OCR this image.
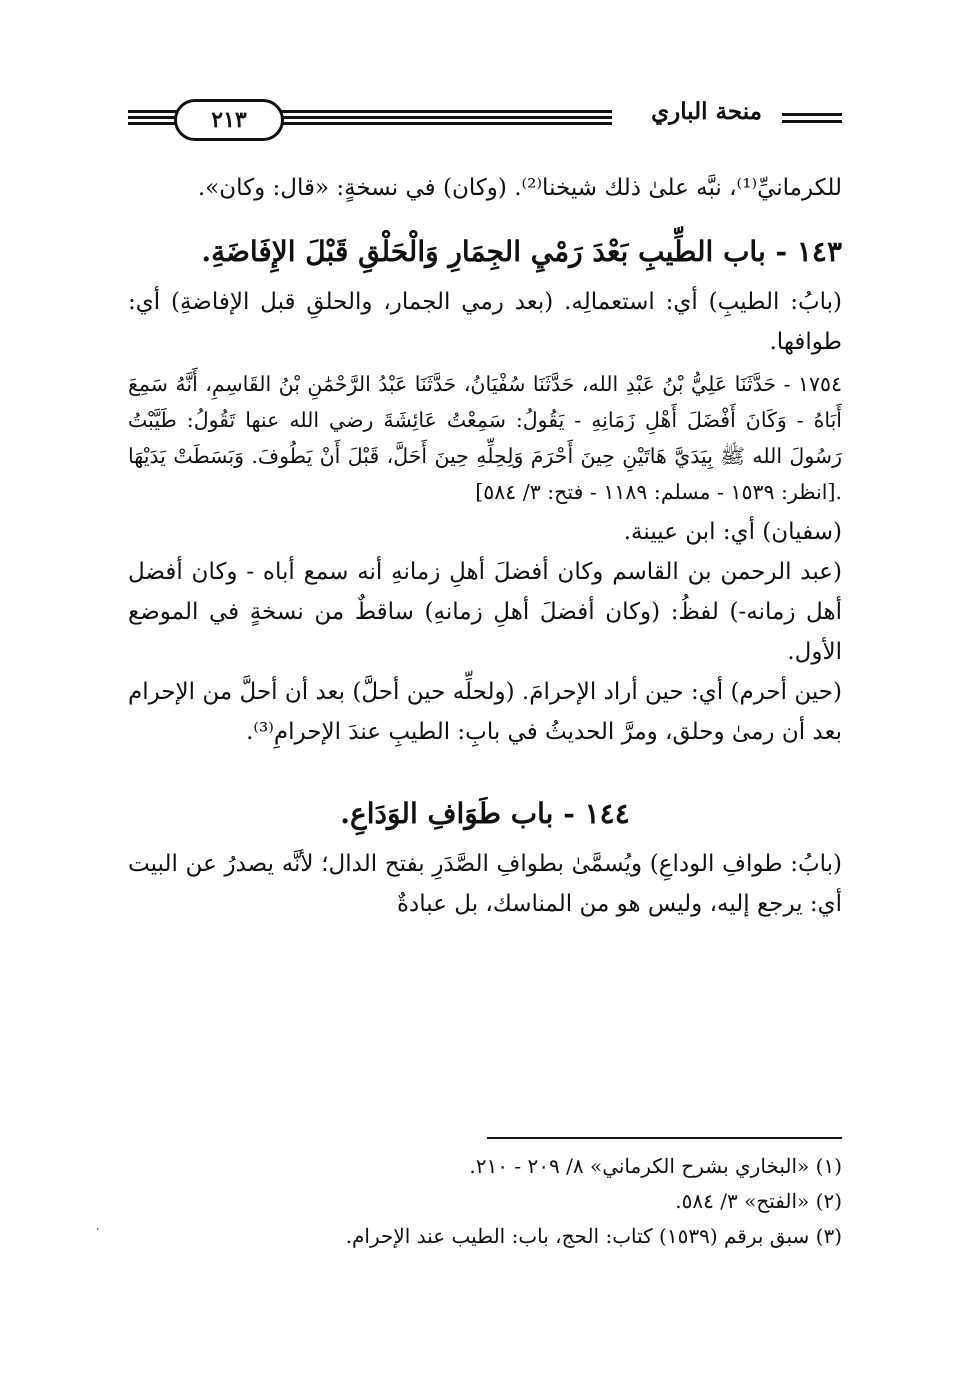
منحة الباري
٢١٣

للكرمانيِّ⁽¹⁾، نبَّه علىٰ ذلك شيخنا⁽²⁾. (وكان) في نسخةٍ: «قال: وكان».

١٤٣ - باب الطِّيبِ بَعْدَ رَمْيِ الجِمَارِ وَالْحَلْقِ قَبْلَ الإِفَاضَةِ.

(بابُ: الطيبِ) أي: استعمالِه. (بعد رمي الجمار، والحلقِ قبل الإفاضةِ) أي: طوافها.

١٧٥٤ - حَدَّثَنَا عَلِيُّ بْنُ عَبْدِ الله، حَدَّثَنَا سُفْيَانُ، حَدَّثَنَا عَبْدُ الرَّحْمَٰنِ بْنُ القَاسِمِ، أَنَّهُ سَمِعَ أَبَاهُ - وَكَانَ أَفْضَلَ أَهْلِ زَمَانِهِ - يَقُولُ: سَمِعْتُ عَائِشَةَ رضي الله عنها تَقُولُ: طَيَّبْتُ رَسُولَ الله ﷺ بِيَدَيَّ هَاتَيْنِ حِينَ أَحْرَمَ وَلِحِلِّهِ حِينَ أَحَلَّ، قَبْلَ أَنْ يَطُوفَ. وَبَسَطَتْ يَدَيْهَا .[انظر: ١٥٣٩ - مسلم: ١١٨٩ - فتح: ٣/ ٥٨٤]

(سفيان) أي: ابن عيينة.

(عبد الرحمن بن القاسم وكان أفضلَ أهلِ زمانهِ أنه سمع أباه - وكان أفضل أهل زمانه-) لفظُ: (وكان أفضلَ أهلِ زمانهِ) ساقطٌ من نسخةٍ في الموضع الأول.

(حين أحرم) أي: حين أراد الإحرامَ. (ولحلِّه حين أحلَّ) بعد أن أحلَّ من الإحرام بعد أن رمىٰ وحلق، ومرَّ الحديثُ في بابِ: الطيبِ عندَ الإحرامِ⁽³⁾.

١٤٤ - باب طَوَافِ الوَدَاعِ.

(بابُ: طوافِ الوداعِ) ويُسمَّىٰ بطوافِ الصَّدَرِ بفتح الدال؛ لأنَّه يصدرُ عن البيت أي: يرجع إليه، وليس هو من المناسك، بل عبادةٌ

(١) «البخاري بشرح الكرماني» ٨/ ٢٠٩ - ٢١٠.

(٢) «الفتح» ٣/ ٥٨٤.

(٣) سبق برقم (١٥٣٩) كتاب: الحج، باب: الطيب عند الإحرام.

،
